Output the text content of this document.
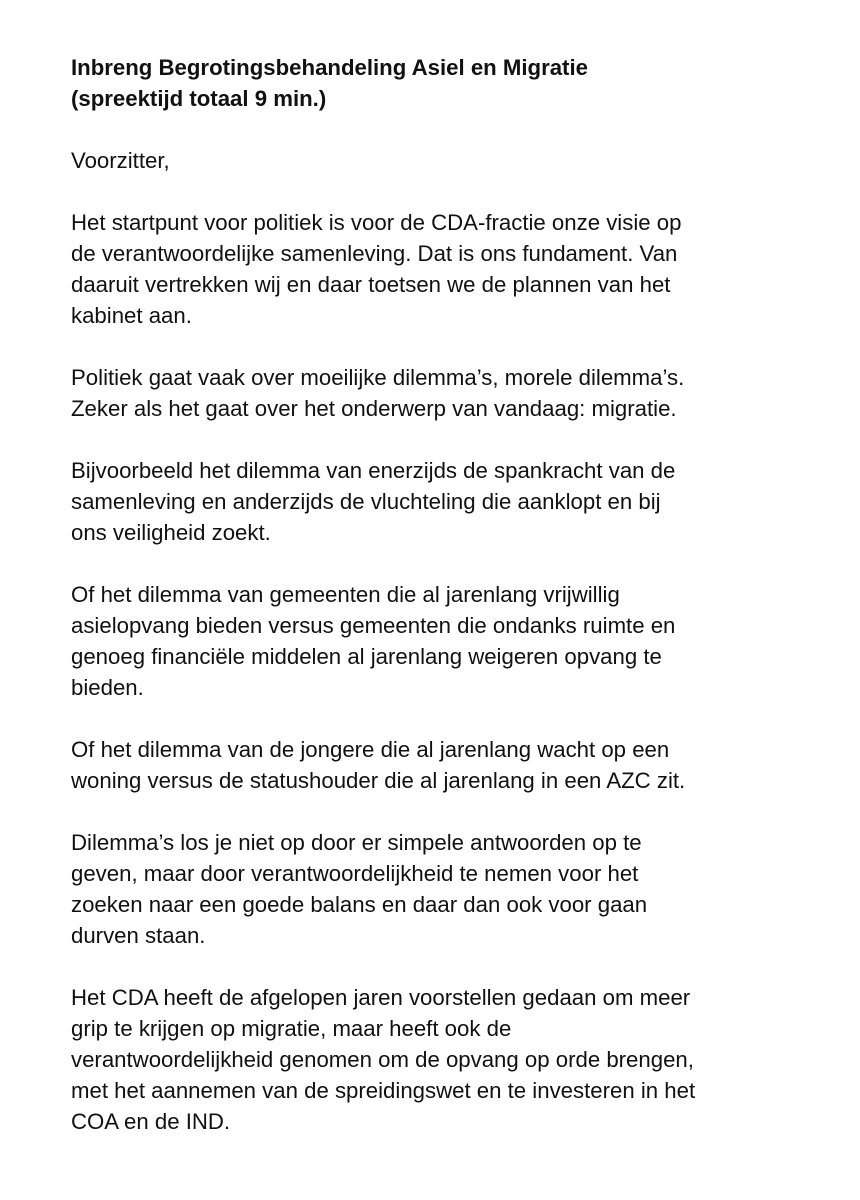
Inbreng Begrotingsbehandeling Asiel en Migratie
(spreektijd totaal 9 min.)

Voorzitter,

Het startpunt voor politiek is voor de CDA-fractie onze visie op
de verantwoordelijke samenleving. Dat is ons fundament. Van
daaruit vertrekken wij en daar toetsen we de plannen van het
kabinet aan.

Politiek gaat vaak over moeilijke dilemma’s, morele dilemma’s.
Zeker als het gaat over het onderwerp van vandaag: migratie.

Bijvoorbeeld het dilemma van enerzijds de spankracht van de
samenleving en anderzijds de vluchteling die aanklopt en bij
ons veiligheid zoekt.

Of het dilemma van gemeenten die al jarenlang vrijwillig
asielopvang bieden versus gemeenten die ondanks ruimte en
genoeg financiële middelen al jarenlang weigeren opvang te
bieden.

Of het dilemma van de jongere die al jarenlang wacht op een
woning versus de statushouder die al jarenlang in een AZC zit.

Dilemma’s los je niet op door er simpele antwoorden op te
geven, maar door verantwoordelijkheid te nemen voor het
zoeken naar een goede balans en daar dan ook voor gaan
durven staan.

Het CDA heeft de afgelopen jaren voorstellen gedaan om meer
grip te krijgen op migratie, maar heeft ook de
verantwoordelijkheid genomen om de opvang op orde brengen,
met het aannemen van de spreidingswet en te investeren in het
COA en de IND.
